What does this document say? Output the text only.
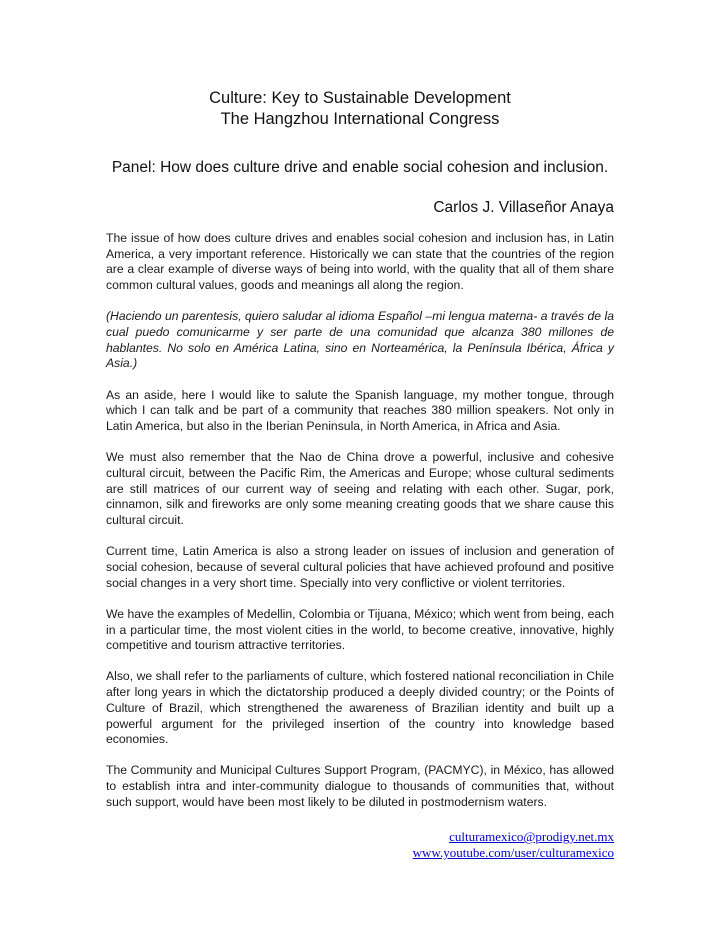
Culture: Key to Sustainable Development
The Hangzhou International Congress
Panel: How does culture drive and enable social cohesion and inclusion.
Carlos J. Villaseñor Anaya

The issue of how does culture drives and enables social cohesion and inclusion has, in Latin America, a very important reference. Historically we can state that the countries of the region are a clear example of diverse ways of being into world, with the quality that all of them share common cultural values, goods and meanings all along the region.

(Haciendo un parentesis, quiero saludar al idioma Español –mi lengua materna- a través de la cual puedo comunicarme y ser parte de una comunidad que alcanza 380 millones de hablantes. No solo en América Latina, sino en Norteamérica, la Península Ibérica, África y Asia.)

As an aside, here I would like to salute the Spanish language, my mother tongue, through which I can talk and be part of a community that reaches 380 million speakers. Not only in Latin America, but also in the Iberian Peninsula, in North America, in Africa and Asia.

We must also remember that the Nao de China drove a powerful, inclusive and cohesive cultural circuit, between the Pacific Rim, the Americas and Europe; whose cultural sediments are still matrices of our current way of seeing and relating with each other. Sugar, pork, cinnamon, silk and fireworks are only some meaning creating goods that we share cause this cultural circuit.

Current time, Latin America is also a strong leader on issues of inclusion and generation of social cohesion, because of several cultural policies that have achieved profound and positive social changes in a very short time. Specially into very conflictive or violent territories.

We have the examples of Medellin, Colombia or Tijuana, México; which went from being, each in a particular time, the most violent cities in the world, to become creative, innovative, highly competitive and tourism attractive territories.

Also, we shall refer to the parliaments of culture, which fostered national reconciliation in Chile after long years in which the dictatorship produced a deeply divided country; or the Points of Culture of Brazil, which strengthened the awareness of Brazilian identity and built up a powerful argument for the privileged insertion of the country into knowledge based economies.

The Community and Municipal Cultures Support Program, (PACMYC), in México, has allowed to establish intra and inter-community dialogue to thousands of communities that, without such support, would have been most likely to be diluted in postmodernism waters.

culturamexico@prodigy.net.mx
www.youtube.com/user/culturamexico
